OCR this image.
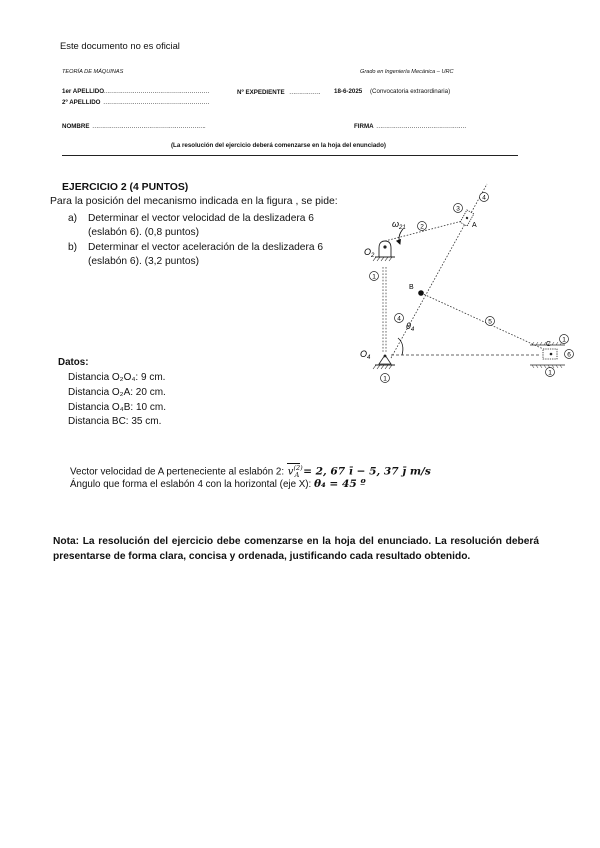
Este documento no es oficial
TEORÍA DE MÁQUINAS	Grado en Ingeniería Mecánica – URC
1er APELLIDO
………………………………………………
2º APELLIDO ………………………………………………
Nº EXPEDIENTE ……………. 18-6-2025 (Convocatoria extraordinaria)
NOMBRE ………………………………………………….	FIRMA ……………………………………….
(La resolución del ejercicio deberá comenzarse en la hoja del enunciado)
EJERCICIO 2 (4 PUNTOS)
Para la posición del mecanismo indicada en la figura , se pide:
a) Determinar el vector velocidad de la deslizadera 6
(eslabón 6). (0,8 puntos)
b) Determinar el vector aceleración de la deslizadera 6
(eslabón 6). (3,2 puntos)
Datos:
Distancia O₂O₄: 9 cm.
Distancia O₂A: 20 cm.
Distancia O₄B: 10 cm.
Distancia BC: 35 cm.
Vector velocidad de A perteneciente al eslabón 2: $v^{(2)}_A = 2$, 67 ī − 5, 37 j̄ m/s
Ángulo que forma el eslabón 4 con la horizontal (eje X): θ₄ = 45 º
Nota: La resolución del ejercicio debe comenzarse en la hoja del enunciado. La resolución deberá presentarse de forma clara, concisa y ordenada, justificando cada resultado obtenido.
$O_2$
$O_4$
A
B
C
$\omega_{21}$
$\theta_4$
1
2
3
4
4	5
1
6
1
1
